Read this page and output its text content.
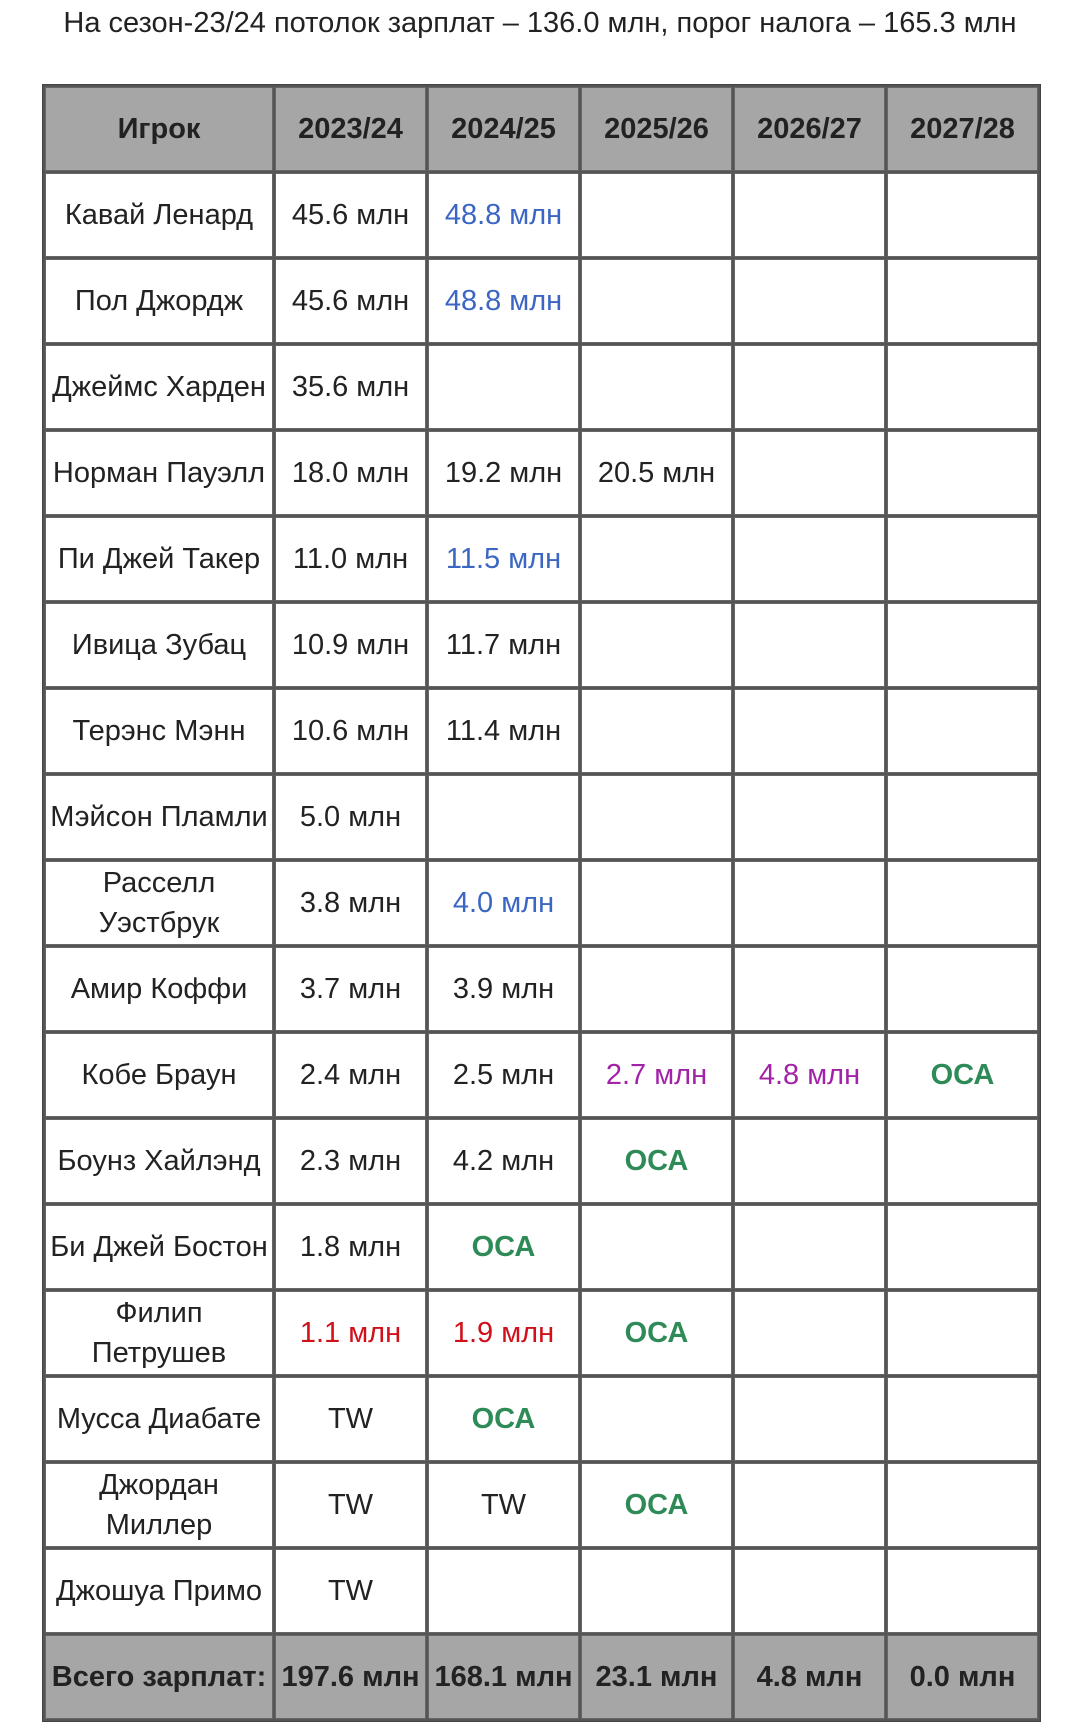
На сезон-23/24 потолок зарплат – 136.0 млн, порог налога – 165.3 млн
Игрок	2023/24	2024/25	2025/26	2026/27	2027/28
Кавай Ленард	45.6 млн	48.8 млн			
Пол Джордж	45.6 млн	48.8 млн			
Джеймс Харден	35.6 млн				
Норман Пауэлл	18.0 млн	19.2 млн	20.5 млн		
Пи Джей Такер	11.0 млн	11.5 млн			
Ивица Зубац	10.9 млн	11.7 млн			
Терэнс Мэнн	10.6 млн	11.4 млн			
Мэйсон Пламли	5.0 млн				
Расселл Уэстбрук	3.8 млн	4.0 млн			
Амир Коффи	3.7 млн	3.9 млн			
Кобе Браун	2.4 млн	2.5 млн	2.7 млн	4.8 млн	ОСА
Боунз Хайлэнд	2.3 млн	4.2 млн	ОСА		
Би Джей Бостон	1.8 млн	ОСА			
Филип Петрушев	1.1 млн	1.9 млн	ОСА		
Мусса Диабате	TW	ОСА			
Джордан Миллер	TW	TW	ОСА		
Джошуа Примо	TW				
Всего зарплат:	197.6 млн	168.1 млн	23.1 млн	4.8 млн	0.0 млн
